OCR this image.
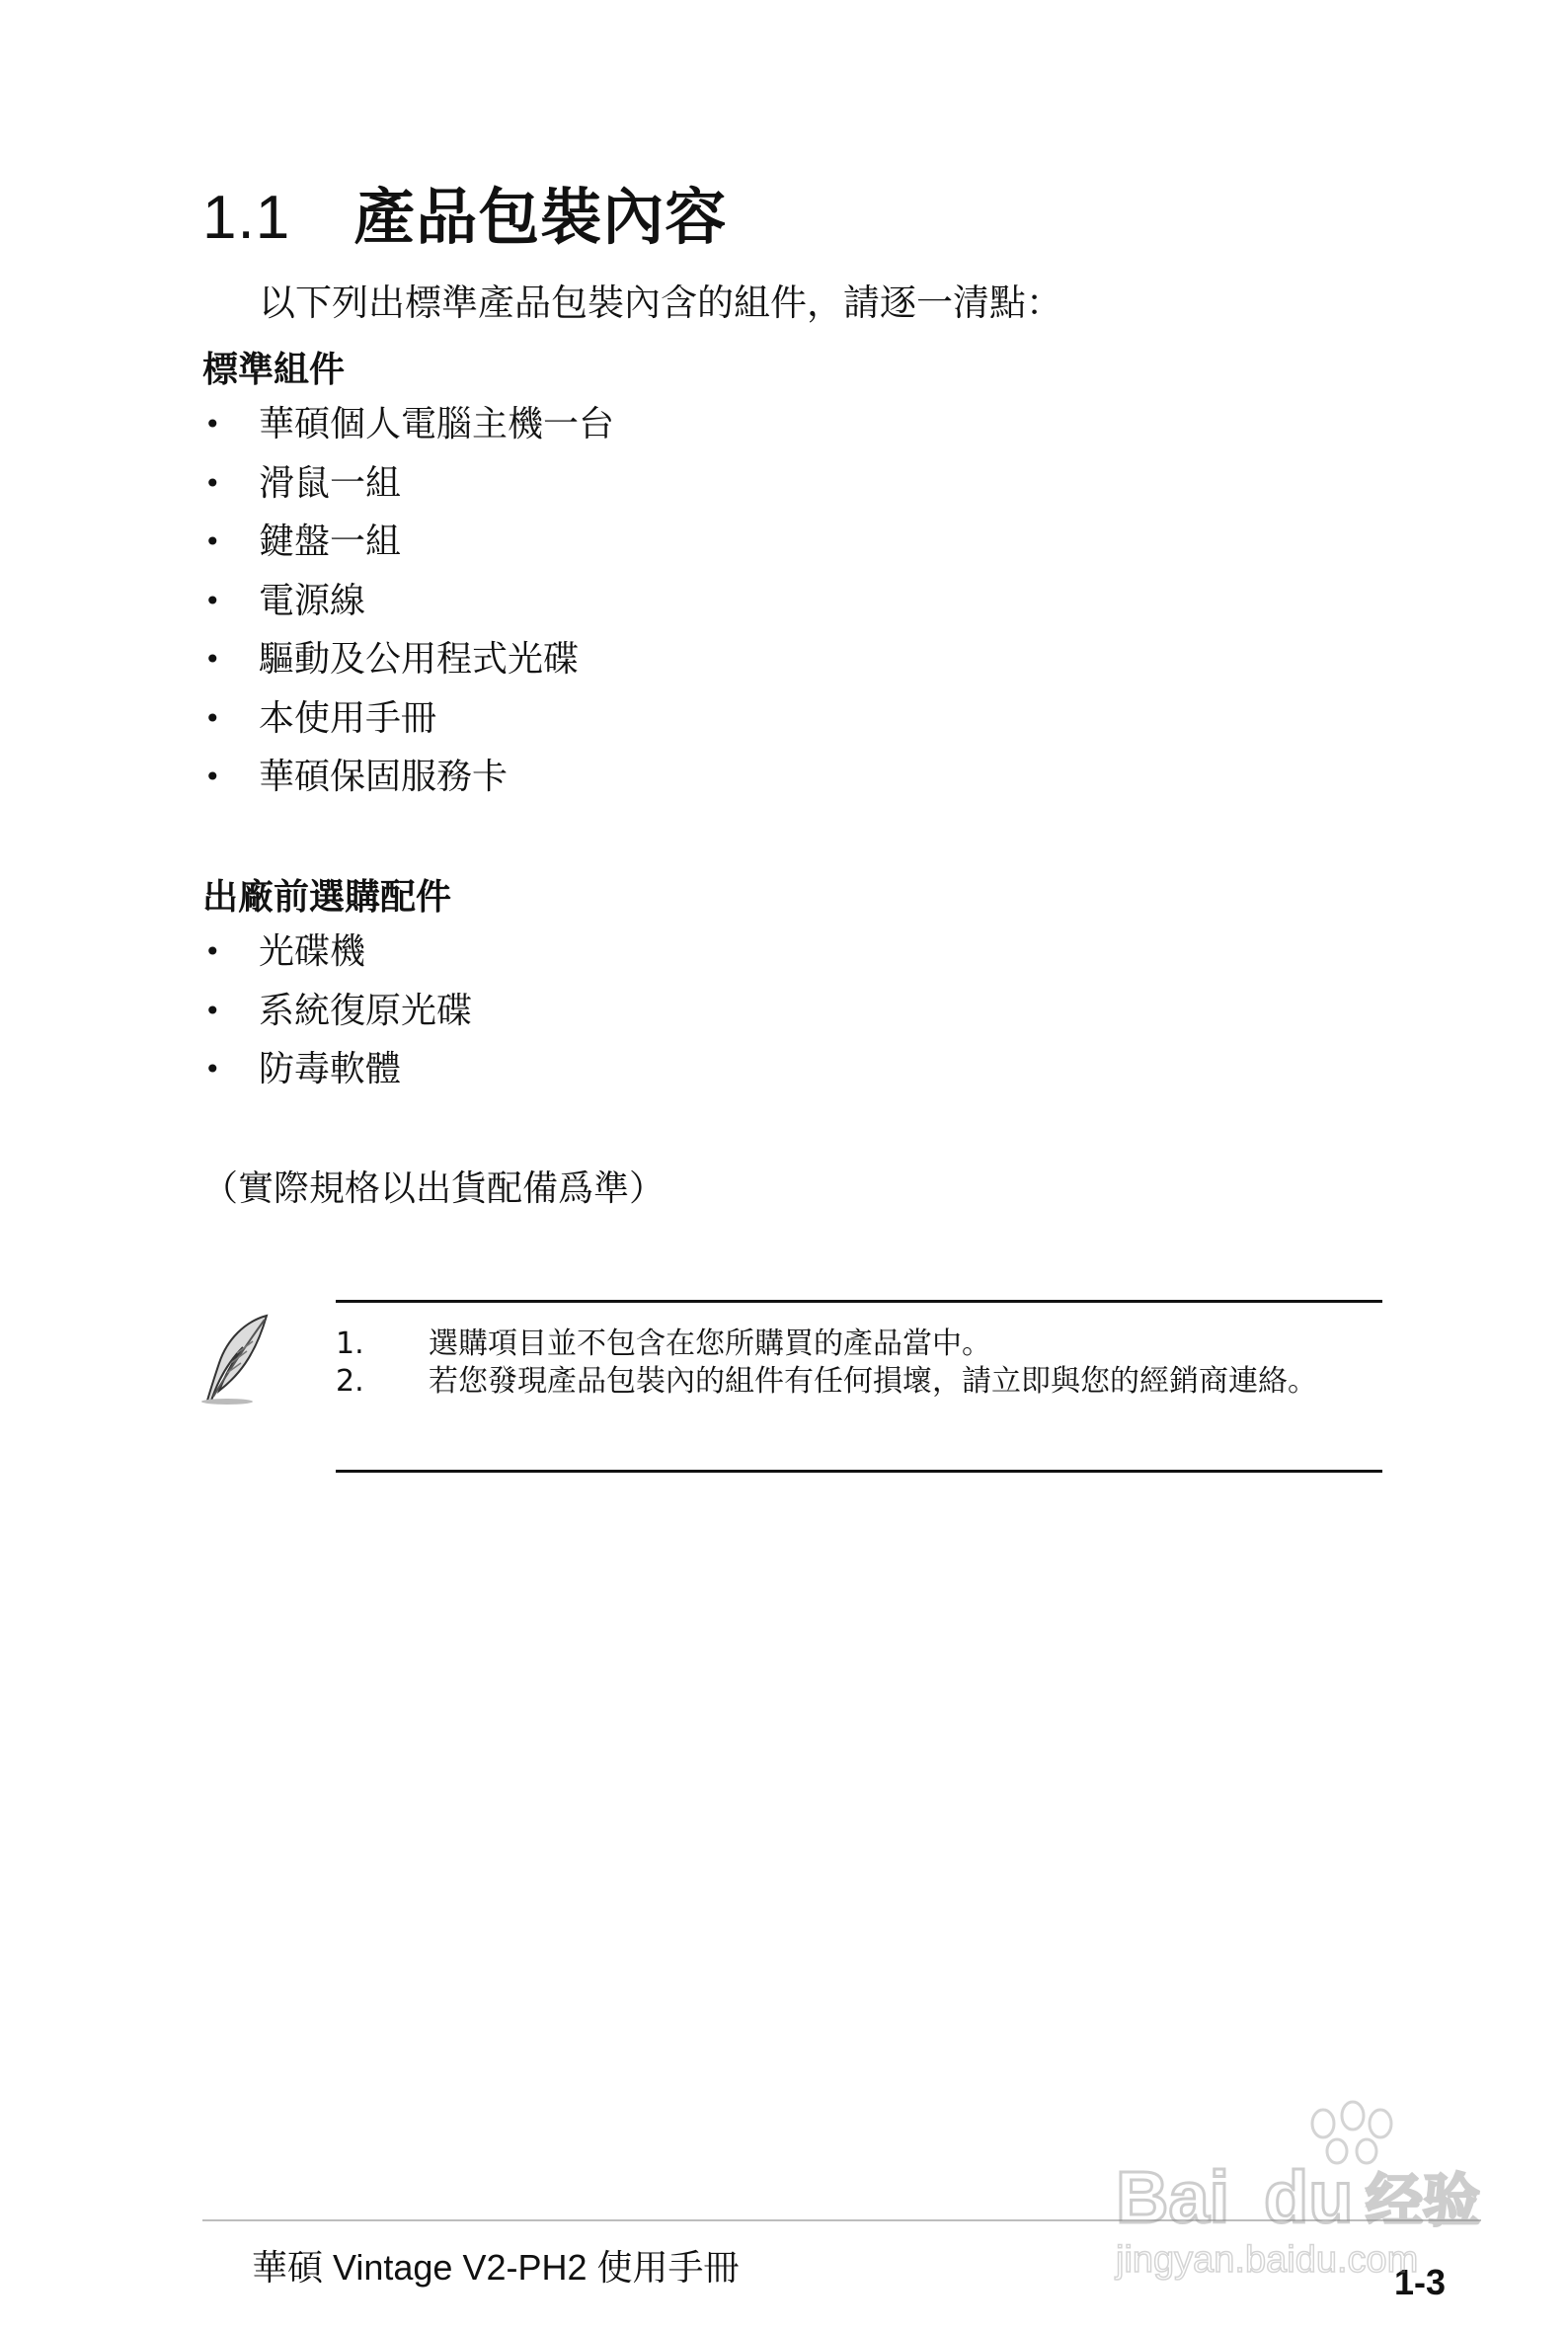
1.1 產品包裝內容
以下列出標準產品包裝內含的組件，請逐一清點：
標準組件
• 華碩個人電腦主機一台
• 滑鼠一組
• 鍵盤一組
• 電源線
• 驅動及公用程式光碟
• 本使用手冊
• 華碩保固服務卡
出廠前選購配件
• 光碟機
• 系統復原光碟
• 防毒軟體
（實際規格以出貨配備爲準）
1. 選購項目並不包含在您所購買的產品當中。
2. 若您發現產品包裝內的組件有任何損壞，請立即與您的經銷商連絡。
華碩 Vintage V2-PH2 使用手冊	1-3
Bai du 经验
jingyan.baidu.com
